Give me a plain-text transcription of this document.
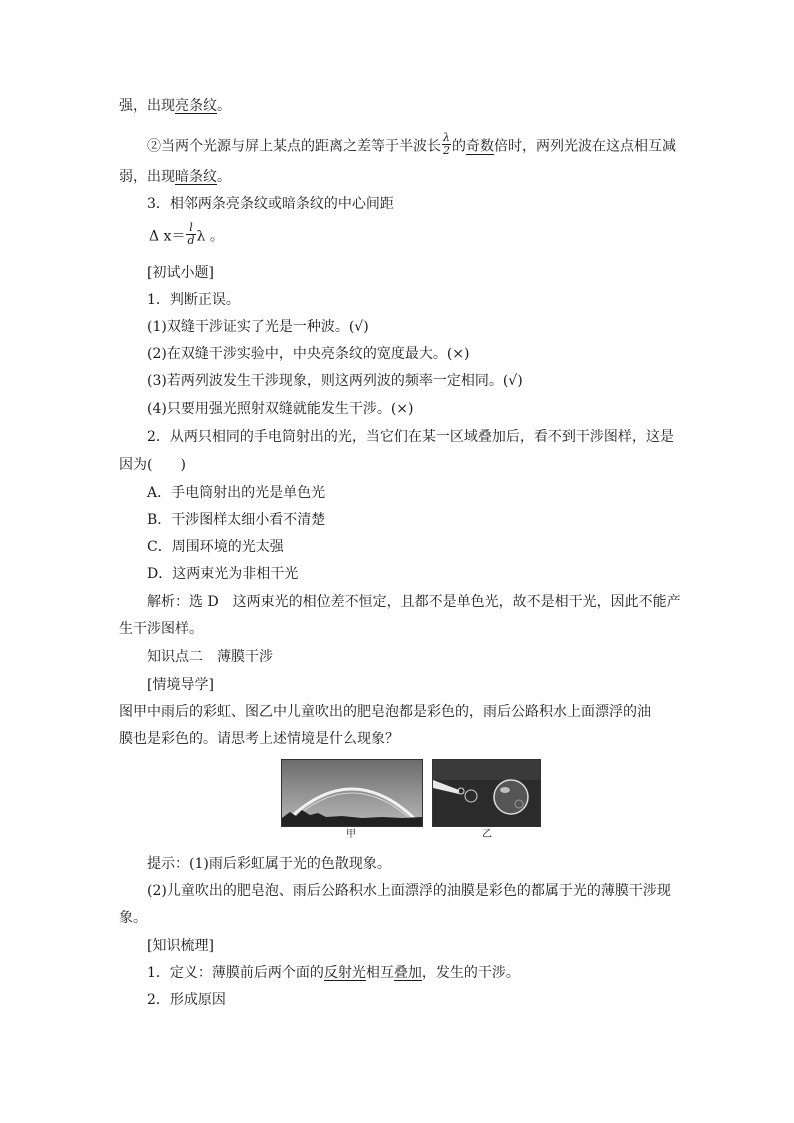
强，出现亮条纹。
②当两个光源与屏上某点的距离之差等于半波长 $\frac{\lambda}{2}$ 的奇数倍时，两列光波在这点相互减
弱，出现暗条纹。
3．相邻两条亮条纹或暗条纹的中心间距
Δ $x= \frac{l}{d}$ λ 。
[初试小题]
1．判断正误。
(1)双缝干涉证实了光是一种波。(√)
(2)在双缝干涉实验中，中央亮条纹的宽度最大。(×)
(3)若两列波发生干涉现象，则这两列波的频率一定相同。(√)
(4)只要用强光照射双缝就能发生干涉。(×)
2．从两只相同的手电筒射出的光，当它们在某一区域叠加后，看不到干涉图样，这是
因为(　　)
A．手电筒射出的光是单色光
B．干涉图样太细小看不清楚
C．周围环境的光太强
D．这两束光为非相干光
解析：选 D　这两束光的相位差不恒定，且都不是单色光，故不是相干光，因此不能产
生干涉图样。
知识点二　薄膜干涉
[情境导学]
图甲中雨后的彩虹、图乙中儿童吹出的肥皂泡都是彩色的，雨后公路积水上面漂浮的油
膜也是彩色的。请思考上述情境是什么现象？
甲	乙
提示：(1)雨后彩虹属于光的色散现象。
(2)儿童吹出的肥皂泡、雨后公路积水上面漂浮的油膜是彩色的都属于光的薄膜干涉现
象。
[知识梳理]
1．定义：薄膜前后两个面的反射光相互叠加，发生的干涉。
2．形成原因
